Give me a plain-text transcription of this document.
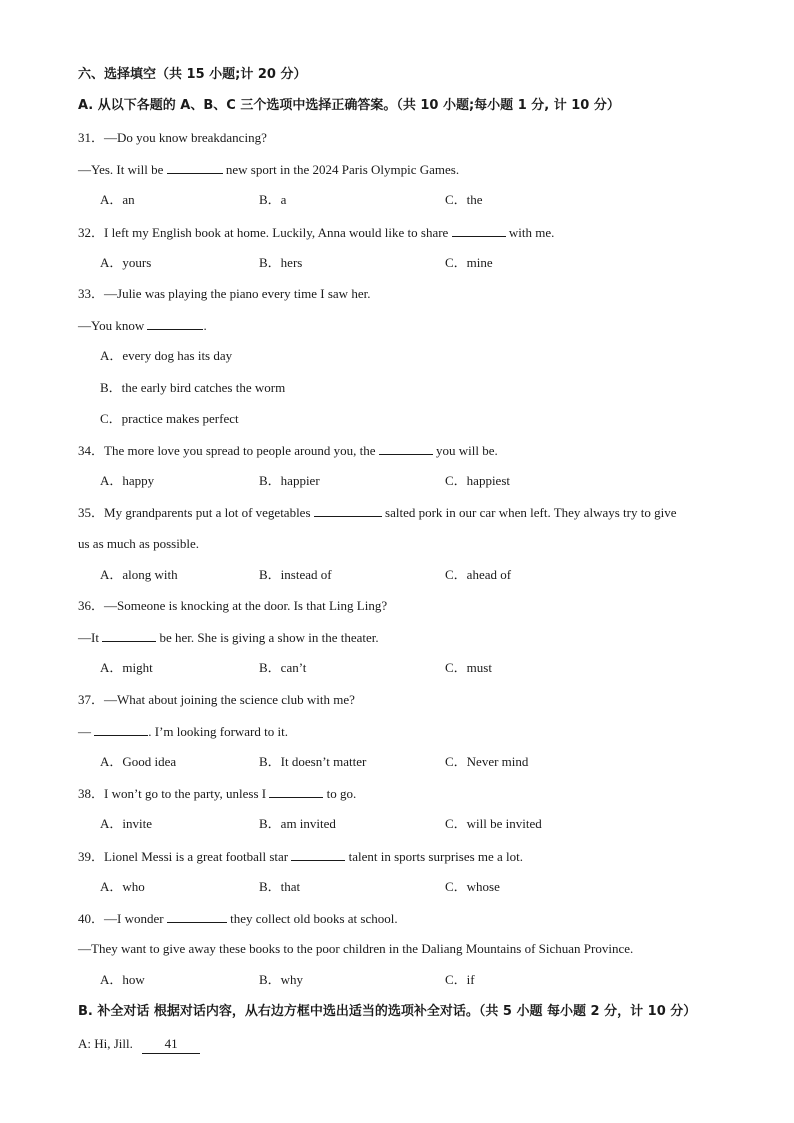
六、选择填空（共 15 小题;计 20 分）
A. 从以下各题的 A、B、C 三个选项中选择正确答案。（共 10 小题;每小题 1 分, 计 10 分）
31．—Do you know breakdancing?
—Yes. It will be	new sport in the 2024 Paris Olympic Games.
A．an	B．a	C．the
32．I left my English book at home. Luckily, Anna would like to share	with me.
A．yours	B．hers	C．mine
33．—Julie was playing the piano every time I saw her.
—You know	.
A．every dog has its day
B．the early bird catches the worm
C．practice makes perfect
34．The more love you spread to people around you, the	you will be.
A．happy	B．happier	C．happiest
35．My grandparents put a lot of vegetables	salted pork in our car when left. They always try to give
us as much as possible.
A．along with	B．instead of	C．ahead of
36．—Someone is knocking at the door. Is that Ling Ling?
—It	be her. She is giving a show in the theater.
A．might	B．can’t	C．must
37．—What about joining the science club with me?
—	. I’m looking forward to it.
A．Good idea	B．It doesn’t matter	C．Never mind
38．I won’t go to the party, unless I	to go.
A．invite	B．am invited	C．will be invited
39．Lionel Messi is a great football star	talent in sports surprises me a lot.
A．who	B．that	C．whose
40．—I wonder	they collect old books at school.
—They want to give away these books to the poor children in the Daliang Mountains of Sichuan Province.
A．how	B．why	C．if
B. 补全对话 根据对话内容，从右边方框中选出适当的选项补全对话。（共 5 小题 每小题 2 分，计 10 分）
A: Hi, Jill. 41
